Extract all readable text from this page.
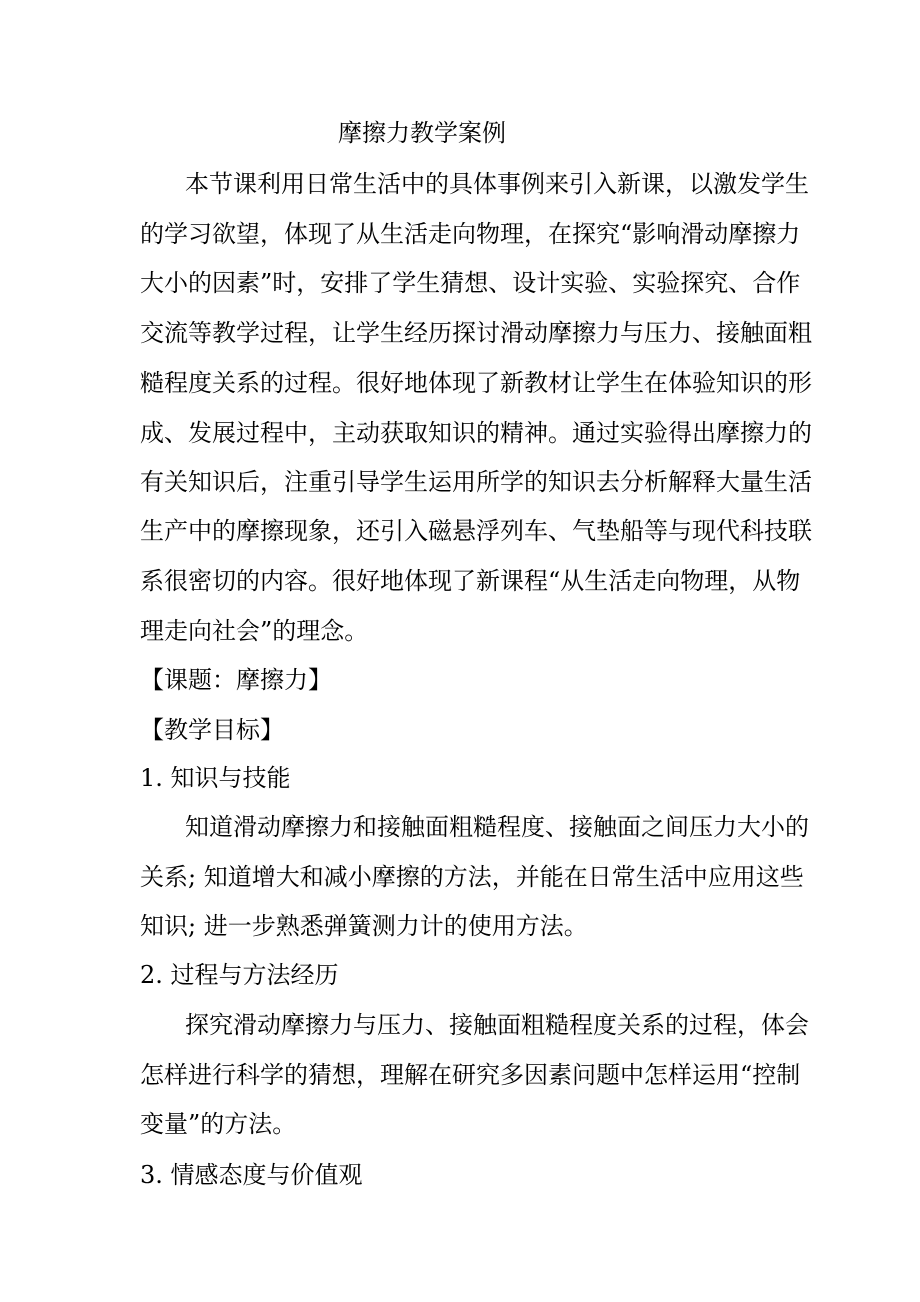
摩擦力教学案例
本节课利用日常生活中的具体事例来引入新课，以激发学生
的学习欲望，体现了从生活走向物理，在探究“影响滑动摩擦力
大小的因素”时，安排了学生猜想、设计实验、实验探究、合作
交流等教学过程，让学生经历探讨滑动摩擦力与压力、接触面粗
糙程度关系的过程。很好地体现了新教材让学生在体验知识的形
成、发展过程中，主动获取知识的精神。通过实验得出摩擦力的
有关知识后，注重引导学生运用所学的知识去分析解释大量生活
生产中的摩擦现象，还引入磁悬浮列车、气垫船等与现代科技联
系很密切的内容。很好地体现了新课程“从生活走向物理，从物
理走向社会”的理念。
【课题：摩擦力】
【教学目标】
1. 知识与技能
知道滑动摩擦力和接触面粗糙程度、接触面之间压力大小的
关系; 知道增大和减小摩擦的方法，并能在日常生活中应用这些
知识; 进一步熟悉弹簧测力计的使用方法。
2. 过程与方法经历
探究滑动摩擦力与压力、接触面粗糙程度关系的过程，体会
怎样进行科学的猜想，理解在研究多因素问题中怎样运用“控制
变量”的方法。
3. 情感态度与价值观
